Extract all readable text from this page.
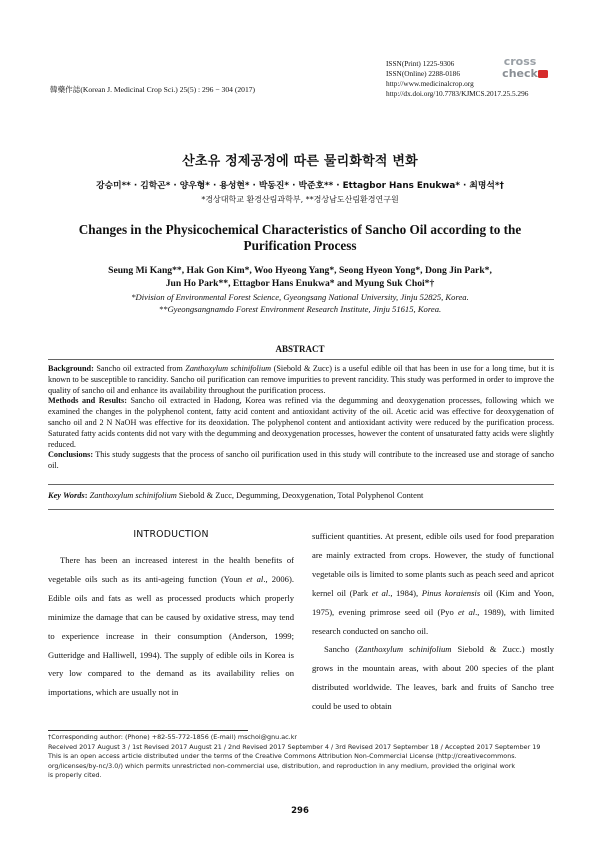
韓藥作誌(Korean J. Medicinal Crop Sci.) 25(5) : 296 − 304 (2017)
ISSN(Print) 1225-9306
ISSN(Online) 2288-0186
http://www.medicinalcrop.org
http://dx.doi.org/10.7783/KJMCS.2017.25.5.296
cross
check
산초유 정제공정에 따른 물리화학적 변화
강승미** · 김학곤* · 양우형* · 용성현* · 박동진* · 박준호** · Ettagbor Hans Enukwa* · 최명석*†
*경상대학교 환경산림과학부, **경상남도산림환경연구원
Changes in the Physicochemical Characteristics of Sancho Oil according to the Purification Process
Seung Mi Kang**, Hak Gon Kim*, Woo Hyeong Yang*, Seong Hyeon Yong*, Dong Jin Park*,
Jun Ho Park**, Ettagbor Hans Enukwa* and Myung Suk Choi*†
*Division of Environmental Forest Science, Gyeongsang National University, Jinju 52825, Korea.
**Gyeongsangnamdo Forest Environment Research Institute, Jinju 51615, Korea.
ABSTRACT

Background: Sancho oil extracted from Zanthoxylum schinifolium (Siebold & Zucc) is a useful edible oil that has been in use for a long time, but it is known to be susceptible to rancidity. Sancho oil purification can remove impurities to prevent rancidity. This study was performed in order to improve the quality of sancho oil and enhance its availability throughout the purification process.

Methods and Results: Sancho oil extracted in Hadong, Korea was refined via the degumming and deoxygenation processes, following which we examined the changes in the polyphenol content, fatty acid content and antioxidant activity of the oil. Acetic acid was effective for deoxygenation of sancho oil and 2 N NaOH was effective for its deoxidation. The polyphenol content and antioxidant activity were reduced by the purification process. Saturated fatty acids contents did not vary with the degumming and deoxygenation processes, however the content of unsaturated fatty acids were slightly reduced.

Conclusions: This study suggests that the process of sancho oil purification used in this study will contribute to the increased use and storage of sancho oil.

Key Words: Zanthoxylum schinifolium Siebold & Zucc, Degumming, Deoxygenation, Total Polyphenol Content
INTRODUCTION

There has been an increased interest in the health benefits of vegetable oils such as its anti-ageing function (Youn et al., 2006). Edible oils and fats as well as processed products which properly minimize the damage that can be caused by oxidative stress, may tend to experience increase in their consumption (Anderson, 1999; Gutteridge and Halliwell, 1994). The supply of edible oils in Korea is very low compared to the demand as its availability relies on importations, which are usually not in

sufficient quantities. At present, edible oils used for food preparation are mainly extracted from crops. However, the study of functional vegetable oils is limited to some plants such as peach seed and apricot kernel oil (Park et al., 1984), Pinus koraiensis oil (Kim and Yoon, 1975), evening primrose seed oil (Pyo et al., 1989), with limited research conducted on sancho oil.

Sancho (Zanthoxylum schinifolium Siebold & Zucc.) mostly grows in the mountain areas, with about 200 species of the plant distributed worldwide. The leaves, bark and fruits of Sancho tree could be used to obtain

†Corresponding author: (Phone) +82-55-772-1856 (E-mail) mschoi@gnu.ac.kr
Received 2017 August 3 / 1st Revised 2017 August 21 / 2nd Revised 2017 September 4 / 3rd Revised 2017 September 18 / Accepted 2017 September 19
This is an open access article distributed under the terms of the Creative Commons Attribution Non-Commercial License (http://creativecommons.
org/licenses/by-nc/3.0/) which permits unrestricted non-commercial use, distribution, and reproduction in any medium, provided the original work
is properly cited.
296
